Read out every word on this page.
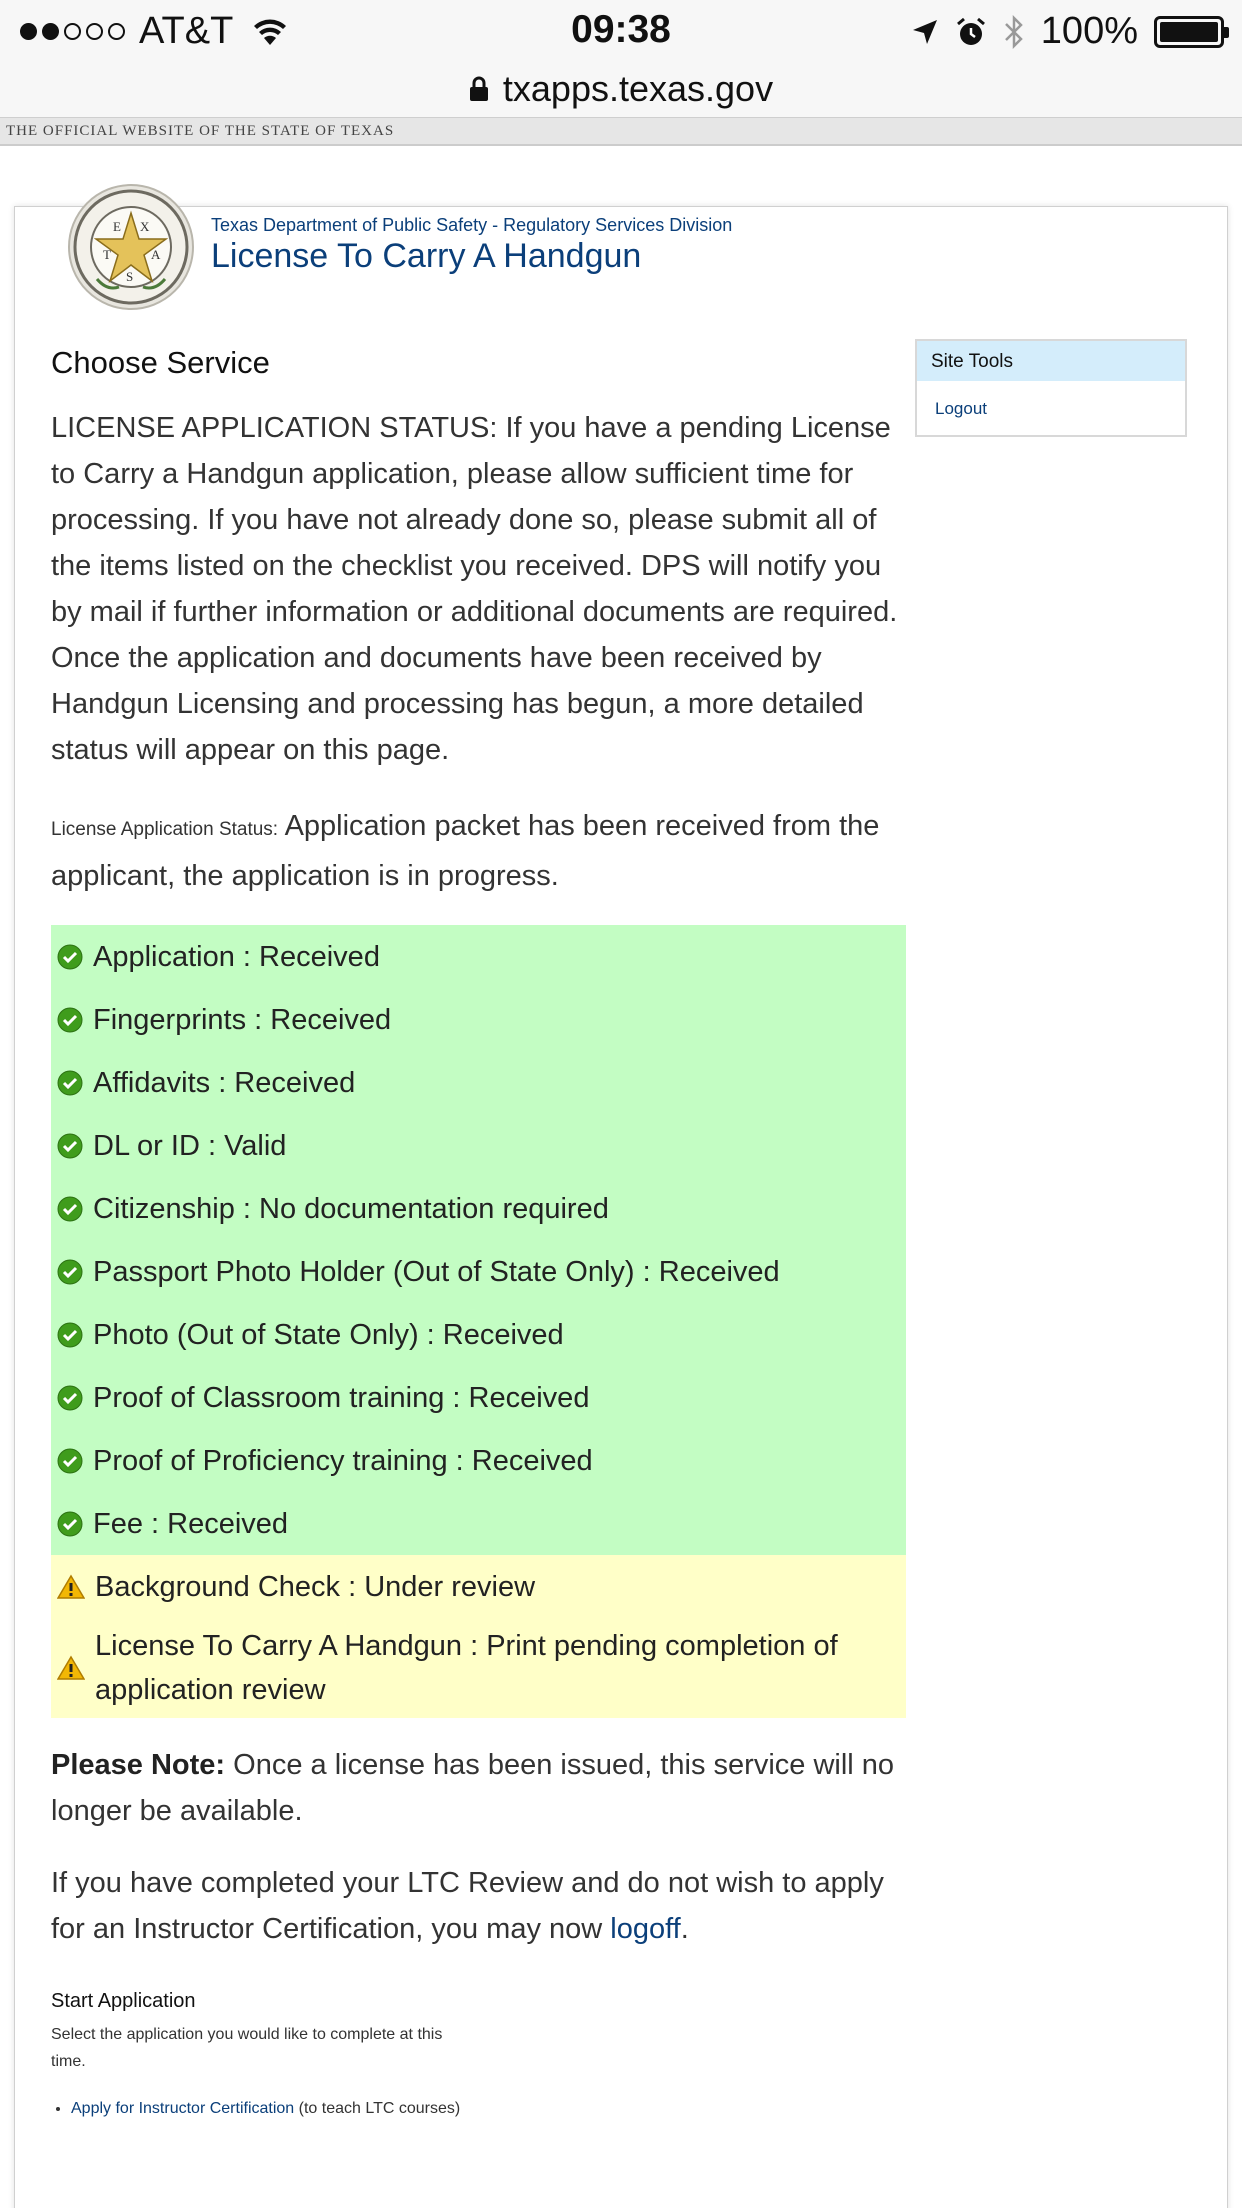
AT&T	09:38	100%
txapps.texas.gov
THE OFFICIAL WEBSITE OF THE STATE OF TEXAS
E X
T	A
S
Texas Department of Public Safety - Regulatory Services Division
License To Carry A Handgun
Choose Service

LICENSE APPLICATION STATUS: If you have a pending License to Carry a Handgun application, please allow sufficient time for processing. If you have not already done so, please submit all of the items listed on the checklist you received. DPS will notify you by mail if further information or additional documents are required. Once the application and documents have been received by Handgun Licensing and processing has begun, a more detailed status will appear on this page.

License Application Status: Application packet has been received from the applicant, the application is in progress.

Application : Received
Fingerprints : Received
Affidavits : Received
DL or ID : Valid
Citizenship : No documentation required
Passport Photo Holder (Out of State Only) : Received
Photo (Out of State Only) : Received
Proof of Classroom training : Received
Proof of Proficiency training : Received
Fee : Received
Background Check : Under review
License To Carry A Handgun : Print pending completion of application review

Please Note: Once a license has been issued, this service will no longer be available.

If you have completed your LTC Review and do not wish to apply for an Instructor Certification, you may now logoff.

Start Application

Select the application you would like to complete at this time.

• Apply for Instructor Certification (to teach LTC courses)
Site Tools
Logout
